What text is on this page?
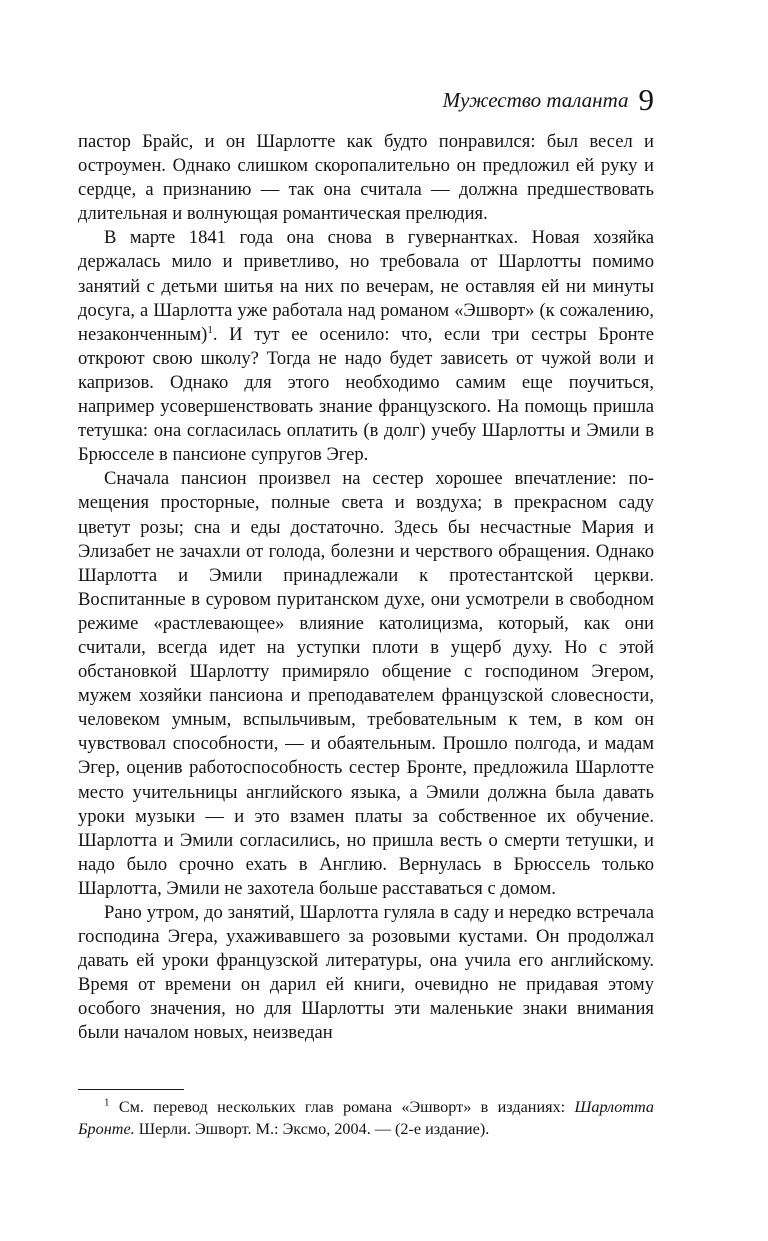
Мужество таланта 9

пастор Брайс, и он Шарлотте как будто понравился: был весел и остроумен. Однако слишком скоропалительно он предложил ей руку и сердце, а признанию — так она считала — должна предшествовать длительная и волнующая романтическая прелюдия.

В марте 1841 года она снова в гувернантках. Новая хозяйка держалась мило и приветливо, но требовала от Шарлотты помимо занятий с детьми шитья на них по вечерам, не оставляя ей ни минуты досуга, а Шарлотта уже работала над романом «Эшворт» (к сожалению, незаконченным)$^1$. И тут ее осенило: что, если три сестры Бронте откроют свою школу? Тогда не надо будет зависеть от чужой воли и капризов. Однако для этого необходимо самим еще поучиться, например усовершенствовать знание французского. На помощь пришла тетушка: она согласилась оплатить (в долг) учебу Шарлотты и Эмили в Брюсселе в пансионе супругов Эгер.

Сначала пансион произвел на сестер хорошее впечатление: помещения просторные, полные света и воздуха; в прекрасном саду цветут розы; сна и еды достаточно. Здесь бы несчастные Мария и Элизабет не зачахли от голода, болезни и черствого обращения. Однако Шарлотта и Эмили принадлежали к протестантской церкви. Воспитанные в суровом пуританском духе, они усмотрели в свободном режиме «растлевающее» влияние католицизма, который, как они считали, всегда идет на уступки плоти в ущерб духу. Но с этой обстановкой Шарлотту примиряло общение с господином Эгером, мужем хозяйки пансиона и преподавателем французской словесности, человеком умным, вспыльчивым, требовательным к тем, в ком он чувствовал способности, — и обаятельным. Прошло полгода, и мадам Эгер, оценив работоспособность сестер Бронте, предложила Шарлотте место учительницы английского языка, а Эмили должна была давать уроки музыки — и это взамен платы за собственное их обучение. Шарлотта и Эмили согласились, но пришла весть о смерти тетушки, и надо было срочно ехать в Англию. Вернулась в Брюссель только Шарлотта, Эмили не захотела больше расставаться с домом.

Рано утром, до занятий, Шарлотта гуляла в саду и нередко встречала господина Эгера, ухаживавшего за розовыми кустами. Он продолжал давать ей уроки французской литературы, она учила его английскому. Время от времени он дарил ей книги, очевидно не придавая этому особого значения, но для Шарлотты эти маленькие знаки внимания были началом новых, неизведан

$^1$ См. перевод нескольких глав романа «Эшворт» в изданиях: Шарлотта Бронте. Шерли. Эшворт. М.: Эксмо, 2004. — (2-е издание).
